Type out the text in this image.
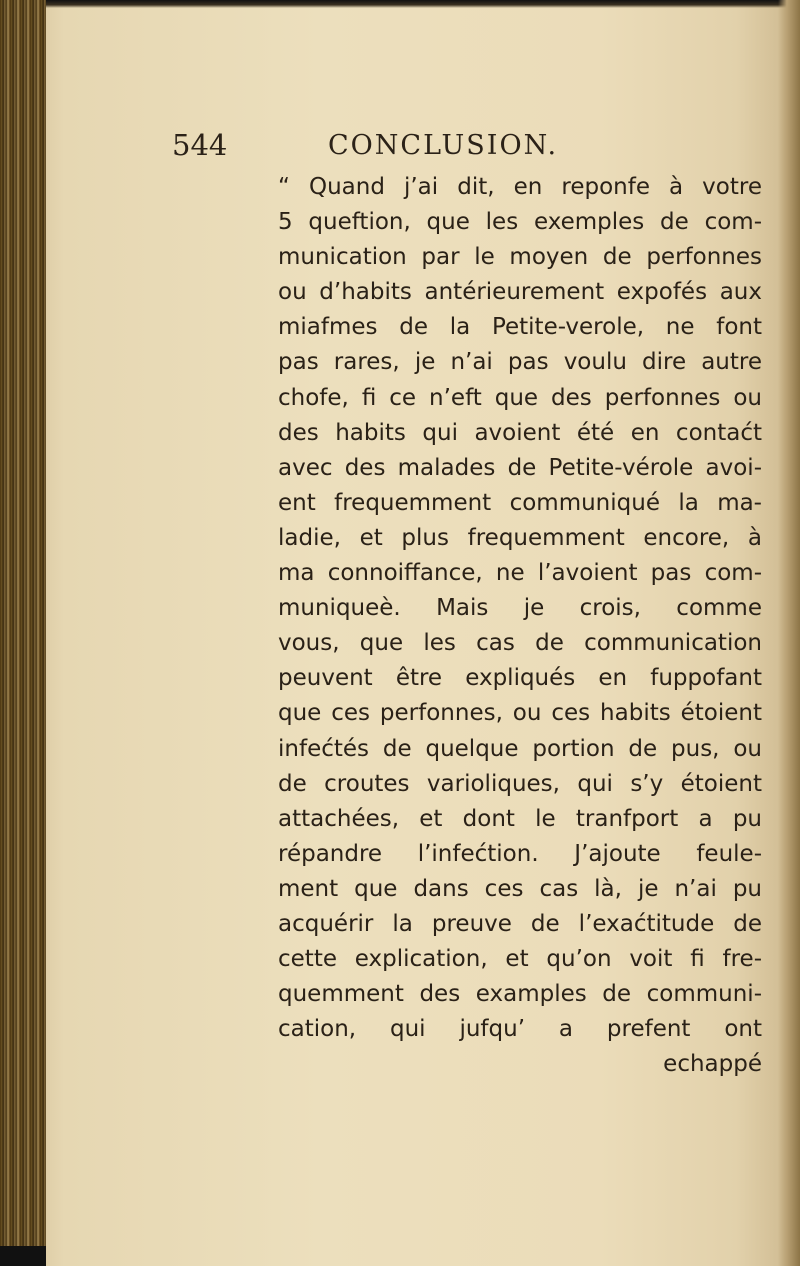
544	CONCLUSION.
“ Quand j’ai dit, en reponfe à votre
5 queftion, que les exemples de com-
munication par le moyen de perfonnes
ou d’habits antérieurement expofés aux
miafmes de la Petite-verole, ne font
pas rares, je n’ai pas voulu dire autre
chofe, fi ce n’eft que des perfonnes ou
des habits qui avoient été en contaćt
avec des malades de Petite-vérole avoi-
ent frequemment communiqué la ma-
ladie, et plus frequemment encore, à
ma connoiffance, ne l’avoient pas com-
muniqueè. Mais je crois, comme
vous, que les cas de communication
peuvent être expliqués en fuppofant
que ces perfonnes, ou ces habits étoient
infećtés de quelque portion de pus, ou
de croutes varioliques, qui s’y étoient
attachées, et dont le tranfport a pu
répandre l’infećtion. J’ajoute feule-
ment que dans ces cas là, je n’ai pu
acquérir la preuve de l’exaćtitude de
cette explication, et qu’on voit fi fre-
quemment des examples de communi-
cation, qui jufqu’ a prefent ont
echappé
